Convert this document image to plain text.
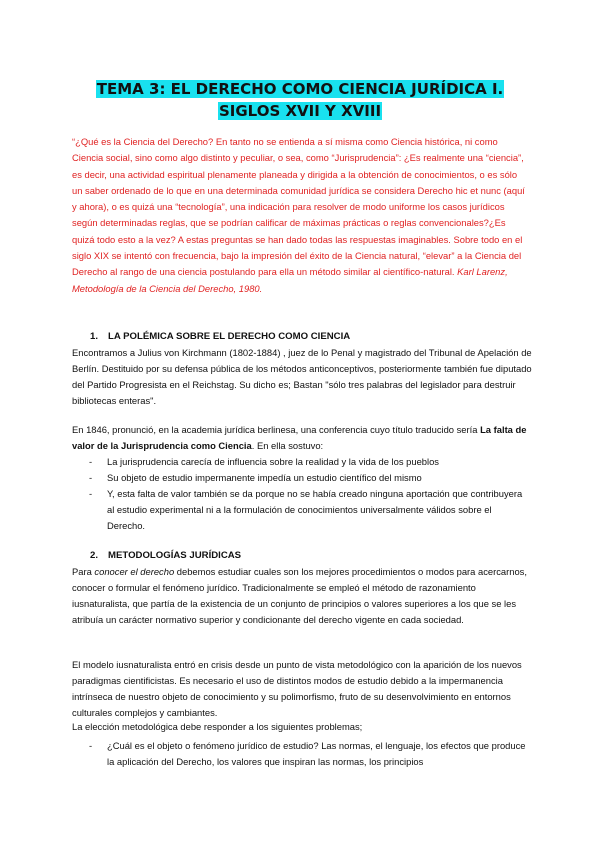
TEMA 3: EL DERECHO COMO CIENCIA JURÍDICA I.
SIGLOS XVII Y XVIII

“¿Qué es la Ciencia del Derecho? En tanto no se entienda a sí misma como Ciencia histórica, ni como Ciencia social, sino como algo distinto y peculiar, o sea, como “Jurisprudencia”: ¿Es realmente una “ciencia”, es decir, una actividad espiritual plenamente planeada y dirigida a la obtención de conocimientos, o es sólo un saber ordenado de lo que en una determinada comunidad jurídica se considera Derecho hic et nunc (aquí y ahora), o es quizá una “tecnología”, una indicación para resolver de modo uniforme los casos jurídicos según determinadas reglas, que se podrían calificar de máximas prácticas o reglas convencionales?¿Es quizá todo esto a la vez? A estas preguntas se han dado todas las respuestas imaginables. Sobre todo en el siglo XIX se intentó con frecuencia, bajo la impresión del éxito de la Ciencia natural, “elevar” a la Ciencia del Derecho al rango de una ciencia postulando para ella un método similar al científico-natural. Karl Larenz, Metodología de la Ciencia del Derecho, 1980.

1. LA POLÉMICA SOBRE EL DERECHO COMO CIENCIA

Encontramos a Julius von Kirchmann (1802-1884) , juez de lo Penal y magistrado del Tribunal de Apelación de Berlín. Destituido por su defensa pública de los métodos anticonceptivos, posteriormente también fue diputado del Partido Progresista en el Reichstag. Su dicho es; Bastan "sólo tres palabras del legislador para destruir bibliotecas enteras".

En 1846, pronunció, en la academia jurídica berlinesa, una conferencia cuyo título traducido sería La falta de valor de la Jurisprudencia como Ciencia. En ella sostuvo:

- La jurisprudencia carecía de influencia sobre la realidad y la vida de los pueblos
- Su objeto de estudio impermanente impedía un estudio científico del mismo
- Y, esta falta de valor también se da porque no se había creado ninguna aportación que contribuyera al estudio experimental ni a la formulación de conocimientos universalmente válidos sobre el Derecho.
2. METODOLOGÍAS JURÍDICAS

Para conocer el derecho debemos estudiar cuales son los mejores procedimientos o modos para acercarnos, conocer o formular el fenómeno jurídico. Tradicionalmente se empleó el método de razonamiento iusnaturalista, que partía de la existencia de un conjunto de principios o valores superiores a los que se les atribuía un carácter normativo superior y condicionante del derecho vigente en cada sociedad.

El modelo iusnaturalista entró en crisis desde un punto de vista metodológico con la aparición de los nuevos paradigmas cientificistas. Es necesario el uso de distintos modos de estudio debido a la impermanencia intrínseca de nuestro objeto de conocimiento y su polimorfismo, fruto de su desenvolvimiento en entornos culturales complejos y cambiantes.

La elección metodológica debe responder a los siguientes problemas;

- ¿Cuál es el objeto o fenómeno jurídico de estudio? Las normas, el lenguaje, los efectos que produce la aplicación del Derecho, los valores que inspiran las normas, los principios
